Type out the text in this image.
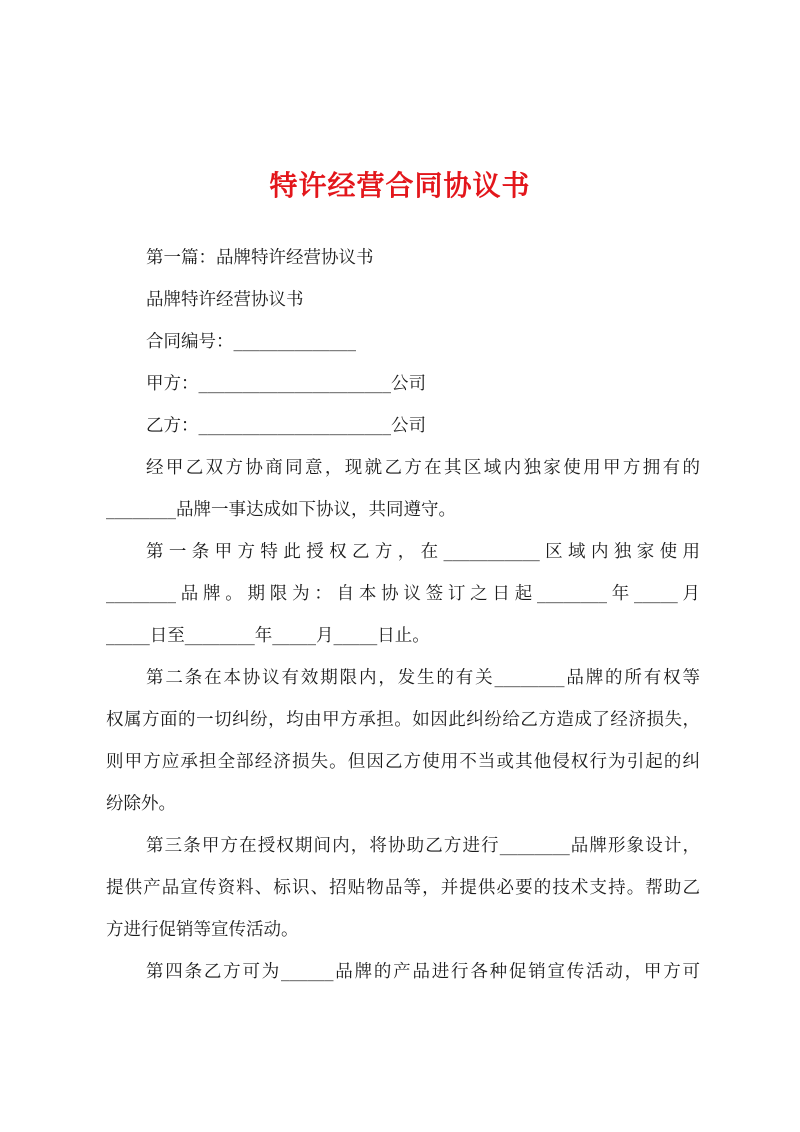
特许经营合同协议书
第一篇：品牌特许经营协议书
品牌特许经营协议书
合同编号：______________
甲方：______________________公司
乙方：______________________公司
经甲乙双方协商同意，现就乙方在其区域内独家使用甲方拥有的
________品牌一事达成如下协议，共同遵守。
第一条甲方特此授权乙方，在___________区域内独家使用
________品牌。期限为：自本协议签订之日起________年_____月
_____日至________年_____月_____日止。
第二条在本协议有效期限内，发生的有关________品牌的所有权等
权属方面的一切纠纷，均由甲方承担。如因此纠纷给乙方造成了经济损失，
则甲方应承担全部经济损失。但因乙方使用不当或其他侵权行为引起的纠
纷除外。
第三条甲方在授权期间内，将协助乙方进行________品牌形象设计，
提供产品宣传资料、标识、招贴物品等，并提供必要的技术支持。帮助乙
方进行促销等宣传活动。
第四条乙方可为______品牌的产品进行各种促销宣传活动，甲方可
